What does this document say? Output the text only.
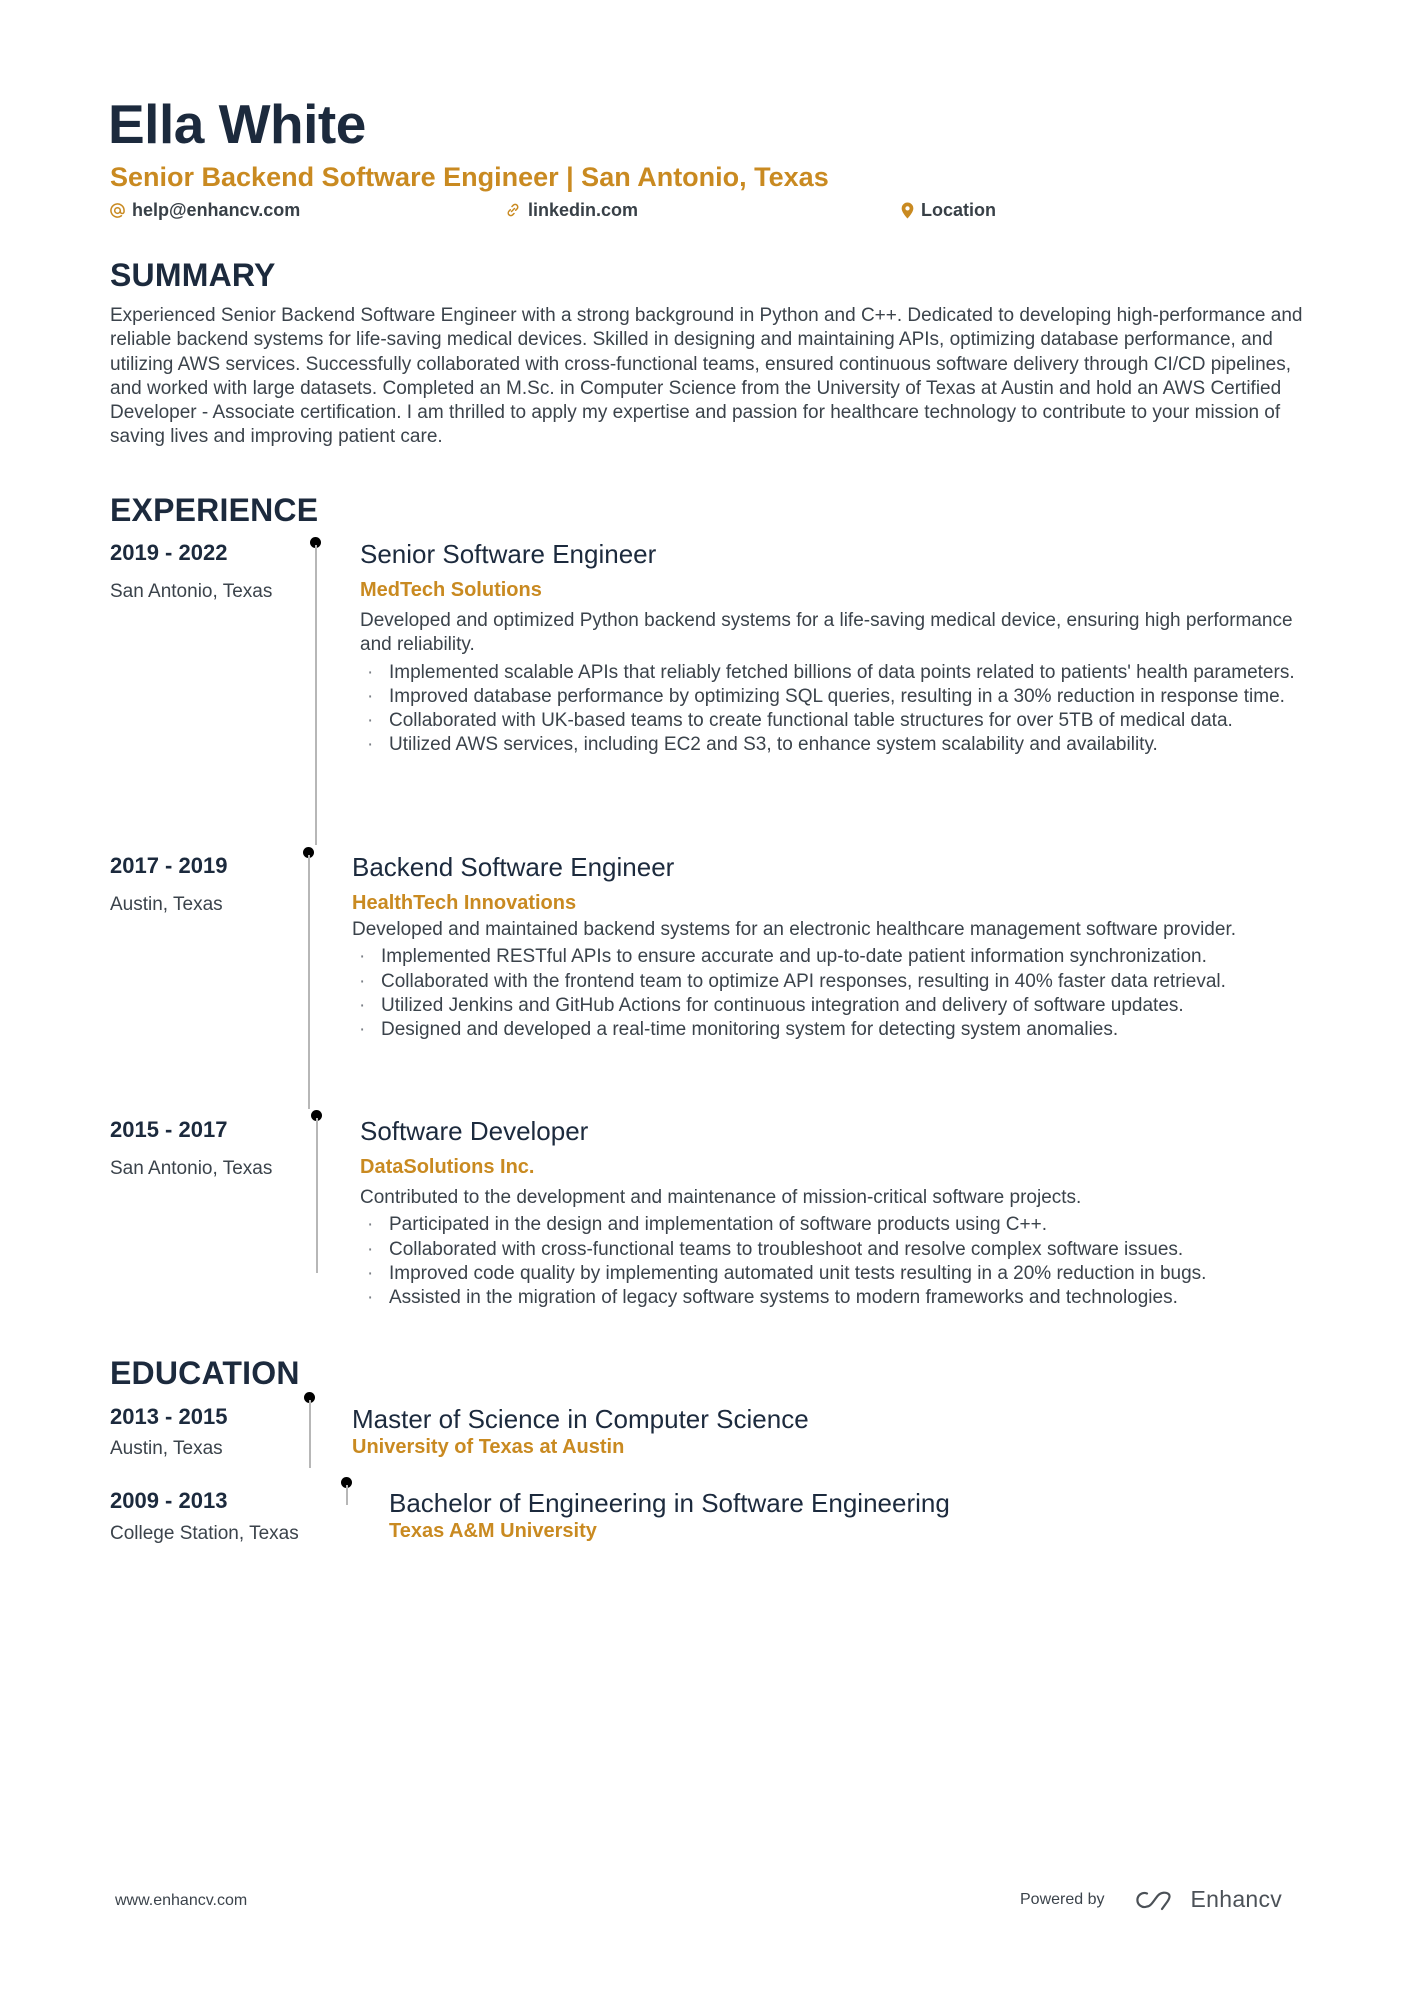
Ella White
Senior Backend Software Engineer | San Antonio, Texas
help@enhancv.com	linkedin.com	Location
SUMMARY
Experienced Senior Backend Software Engineer with a strong background in Python and C++. Dedicated to developing high-performance and reliable backend systems for life-saving medical devices. Skilled in designing and maintaining APIs, optimizing database performance, and utilizing AWS services. Successfully collaborated with cross-functional teams, ensured continuous software delivery through CI/CD pipelines, and worked with large datasets. Completed an M.Sc. in Computer Science from the University of Texas at Austin and hold an AWS Certified Developer - Associate certification. I am thrilled to apply my expertise and passion for healthcare technology to contribute to your mission of saving lives and improving patient care.
EXPERIENCE
2019 - 2022
San Antonio, Texas
Senior Software Engineer
MedTech Solutions
Developed and optimized Python backend systems for a life-saving medical device, ensuring high performance and reliability.
· Implemented scalable APIs that reliably fetched billions of data points related to patients' health parameters.
· Improved database performance by optimizing SQL queries, resulting in a 30% reduction in response time.
· Collaborated with UK-based teams to create functional table structures for over 5TB of medical data.
· Utilized AWS services, including EC2 and S3, to enhance system scalability and availability.
2017 - 2019
Austin, Texas
Backend Software Engineer
HealthTech Innovations
Developed and maintained backend systems for an electronic healthcare management software provider.
· Implemented RESTful APIs to ensure accurate and up-to-date patient information synchronization.
· Collaborated with the frontend team to optimize API responses, resulting in 40% faster data retrieval.
· Utilized Jenkins and GitHub Actions for continuous integration and delivery of software updates.
· Designed and developed a real-time monitoring system for detecting system anomalies.
2015 - 2017
San Antonio, Texas
Software Developer
DataSolutions Inc.
Contributed to the development and maintenance of mission-critical software projects.
· Participated in the design and implementation of software products using C++.
· Collaborated with cross-functional teams to troubleshoot and resolve complex software issues.
· Improved code quality by implementing automated unit tests resulting in a 20% reduction in bugs.
· Assisted in the migration of legacy software systems to modern frameworks and technologies.
EDUCATION
2013 - 2015
Austin, Texas
Master of Science in Computer Science
University of Texas at Austin
2009 - 2013
College Station, Texas
Bachelor of Engineering in Software Engineering
Texas A&M University
www.enhancv.com	Powered by	Enhancv
